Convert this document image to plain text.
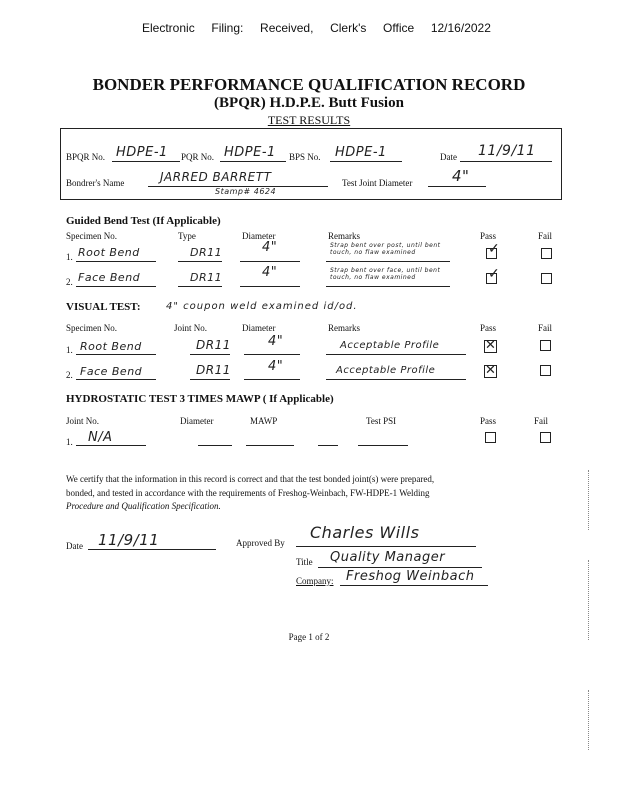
Electronic     Filing:     Received,     Clerk's     Office     12/16/2022
BONDER PERFORMANCE QUALIFICATION RECORD
(BPQR) H.D.P.E. Butt Fusion
TEST RESULTS
BPQR No. HDPE-1 PQR No. HDPE-1 BPS No. HDPE-1	Date 11/9/11
Bondrer's Name	JARRED BARRETT
Stamp# 4624
Test Joint Diameter	4"
Guided Bend Test (If Applicable)
Specimen No.	Type	Diameter	Remarks	Pass	Fail
1. Root Bend	DR11	4"	Strap bent over post, until bent touch, no flaw examined	✓
2. Face Bend	DR11	4"	Strap bent over face, until bent touch, no flaw examined	✓
VISUAL TEST:	4" coupon weld examined id/od.
Specimen No.	Joint No.	Diameter	Remarks	Pass	Fail
1. Root Bend	DR11	4"	Acceptable Profile	✕
2. Face Bend	DR11	4"	Acceptable Profile	✕
HYDROSTATIC TEST 3 TIMES MAWP ( If Applicable)
Joint No.	Diameter	MAWP	Test PSI	Pass	Fail
1. N/A
We certify that the information in this record is correct and that the test bonded joint(s) were prepared,
bonded, and tested in accordance with the requirements of Freshog-Weinbach, FW-HDPE-1 Welding
Procedure and Qualification Specification.
Date 11/9/11	Approved By
Charles Wills
Title Quality Manager
Company: Freshog Weinbach
Page 1 of 2
